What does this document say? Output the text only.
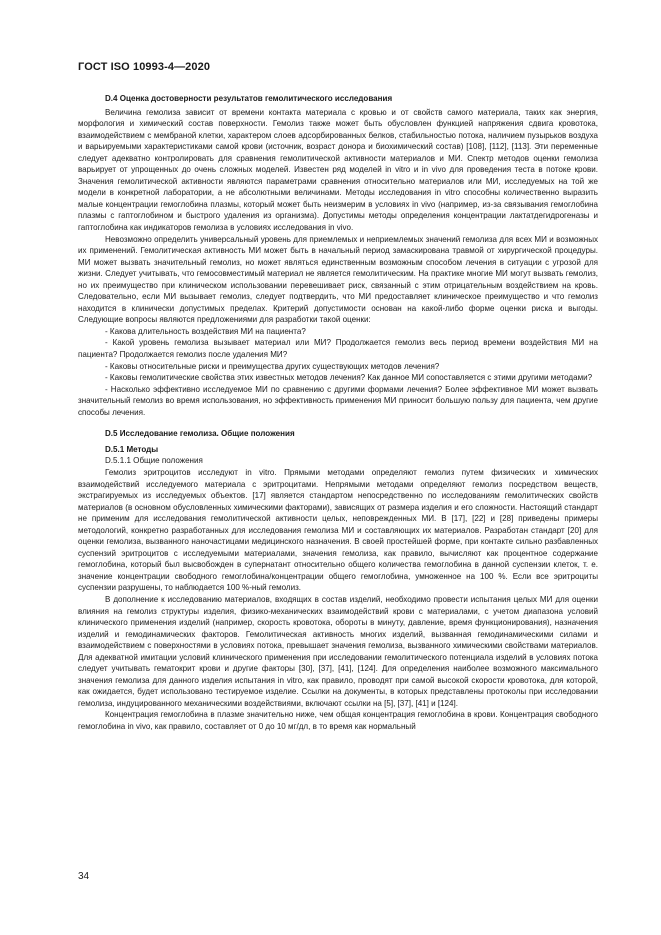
ГОСТ ISO 10993-4—2020

D.4 Оценка достоверности результатов гемолитического исследования

Величина гемолиза зависит от времени контакта материала с кровью и от свойств самого материала, таких как энергия, морфология и химический состав поверхности. Гемолиз также может быть обусловлен функцией напряжения сдвига кровотока, взаимодействием с мембраной клетки, характером слоев адсорбированных белков, стабильностью потока, наличием пузырьков воздуха и варьируемыми характеристиками самой крови (источник, возраст донора и биохимический состав) [108], [112], [113]. Эти переменные следует адекватно контролировать для сравнения гемолитической активности материалов и МИ. Спектр методов оценки гемолиза варьирует от упрощенных до очень сложных моделей. Известен ряд моделей in vitro и in vivo для проведения теста в потоке крови. Значения гемолитической активности являются параметрами сравнения относительно материалов или МИ, исследуемых на той же модели в конкретной лаборатории, а не абсолютными величинами. Методы исследования in vitro способны количественно выразить малые концентрации гемоглобина плазмы, который может быть неизмерим в условиях in vivo (например, из-за связывания гемоглобина плазмы с гаптоглобином и быстрого удаления из организма). Допустимы методы определения концентрации лактатдегидрогеназы и гаптоглобина как индикаторов гемолиза в условиях исследования in vivo.

Невозможно определить универсальный уровень для приемлемых и неприемлемых значений гемолиза для всех МИ и возможных их применений. Гемолитическая активность МИ может быть в начальный период замаскирована травмой от хирургической процедуры. МИ может вызвать значительный гемолиз, но может являться единственным возможным способом лечения в ситуации с угрозой для жизни. Следует учитывать, что гемосовместимый материал не является гемолитическим. На практике многие МИ могут вызвать гемолиз, но их преимущество при клиническом использовании перевешивает риск, связанный с этим отрицательным воздействием на кровь. Следовательно, если МИ вызывает гемолиз, следует подтвердить, что МИ предоставляет клиническое преимущество и что гемолиз находится в клинически допустимых пределах. Критерий допустимости основан на какой-либо форме оценки риска и выгоды. Следующие вопросы являются предложениями для разработки такой оценки:

- Какова длительность воздействия МИ на пациента?

- Какой уровень гемолиза вызывает материал или МИ? Продолжается гемолиз весь период времени воздействия МИ на пациента? Продолжается гемолиз после удаления МИ?

- Каковы относительные риски и преимущества других существующих методов лечения?

- Каковы гемолитические свойства этих известных методов лечения? Как данное МИ сопоставляется с этими другими методами?

- Насколько эффективно исследуемое МИ по сравнению с другими формами лечения? Более эффективное МИ может вызвать значительный гемолиз во время использования, но эффективность применения МИ приносит большую пользу для пациента, чем другие способы лечения.

D.5 Исследование гемолиза. Общие положения

D.5.1 Методы

D.5.1.1 Общие положения

Гемолиз эритроцитов исследуют in vitro. Прямыми методами определяют гемолиз путем физических и химических взаимодействий исследуемого материала с эритроцитами. Непрямыми методами определяют гемолиз посредством веществ, экстрагируемых из исследуемых объектов. [17] является стандартом непосредственно по исследованиям гемолитических свойств материалов (в основном обусловленных химическими факторами), зависящих от размера изделия и его сложности. Настоящий стандарт не применим для исследования гемолитической активности целых, неповрежденных МИ. В [17], [22] и [28] приведены примеры методологий, конкретно разработанных для исследования гемолиза МИ и составляющих их материалов. Разработан стандарт [20] для оценки гемолиза, вызванного наночастицами медицинского назначения. В своей простейшей форме, при контакте сильно разбавленных суспензий эритроцитов с исследуемыми материалами, значения гемолиза, как правило, вычисляют как процентное содержание гемоглобина, который был высвобожден в супернатант относительно общего количества гемоглобина в данной суспензии клеток, т. е. значение концентрации свободного гемоглобина/концентрации общего гемоглобина, умноженное на 100 %. Если все эритроциты суспензии разрушены, то наблюдается 100 %-ный гемолиз.

В дополнение к исследованию материалов, входящих в состав изделий, необходимо провести испытания целых МИ для оценки влияния на гемолиз структуры изделия, физико-механических взаимодействий крови с материалами, с учетом диапазона условий клинического применения изделий (например, скорость кровотока, обороты в минуту, давление, время функционирования), назначения изделий и гемодинамических факторов. Гемолитическая активность многих изделий, вызванная гемодинамическими силами и взаимодействием с поверхностями в условиях потока, превышает значения гемолиза, вызванного химическими свойствами материалов. Для адекватной имитации условий клинического применения при исследовании гемолитического потенциала изделий в условиях потока следует учитывать гематокрит крови и другие факторы [30], [37], [41], [124]. Для определения наиболее возможного максимального значения гемолиза для данного изделия испытания in vitro, как правило, проводят при самой высокой скорости кровотока, для которой, как ожидается, будет использовано тестируемое изделие. Ссылки на документы, в которых представлены протоколы при исследовании гемолиза, индуцированного механическими воздействиями, включают ссылки на [5], [37], [41] и [124].

Концентрация гемоглобина в плазме значительно ниже, чем общая концентрация гемоглобина в крови. Концентрация свободного гемоглобина in vivo, как правило, составляет от 0 до 10 мг/дл, в то время как нормальный

34
